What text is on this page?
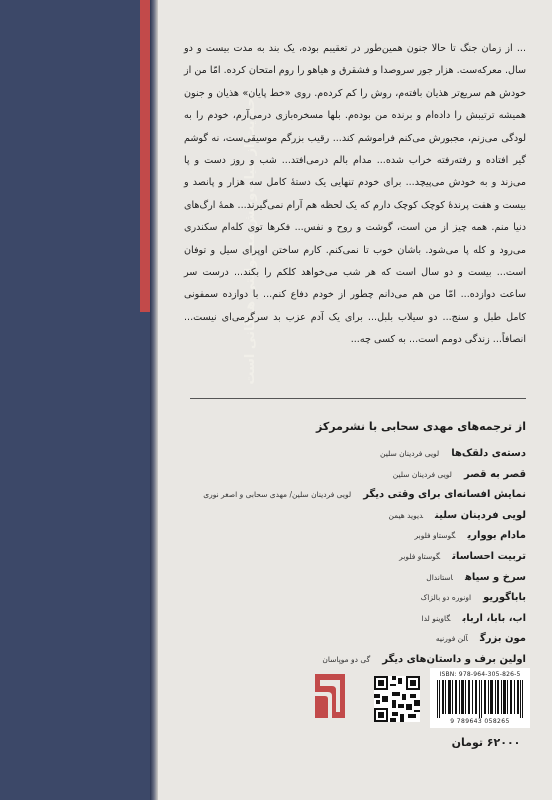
حمایت از حیات‌وحش مسئولیتی همگانی است
... از زمان جنگ تا حالا جنون همین‌طور در تعقیبم بوده، یک بند به مدت بیست و دو سال. معرکه‌ست. هزار جور سروصدا و فشقرق و هیاهو را روم امتحان کرده. امّا من از خودش هم سریع‌تر هذیان بافته‌م، روش را کم کرده‌م. روی «خط پایان» هذیان و جنون همیشه ترتیبش را داده‌ام و برنده من بوده‌م. بلها مسخره‌بازی درمی‌آرم، خودم را به لودگی می‌زنم، مجبورش می‌کنم فراموشم کند... رقیب بزرگم موسیقی‌ست، نه گوشم گیر افتاده و رفته‌رفته خراب شده... مدام بالم درمی‌افتد... شب و روز دست و پا می‌زند و به خودش می‌پیچد... برای خودم تنهایی یک دستهٔ کامل سه هزار و پانصد و بیست و هفت پرندهٔ کوچک کوچک دارم که یک لحظه هم آرام نمی‌گیرند... همهٔ ارگ‌های دنیا منم. همه چیز از من است، گوشت و روح و نفس... فکرها توی کله‌ام سکندری می‌رود و کله پا می‌شود. باشان خوب تا نمی‌کنم. کارم ساختن اوپرای سیل و توفان است... بیست و دو سال است که هر شب می‌خواهد کلکم را بکند... درست سر ساعت دوازده... امّا من هم می‌دانم چطور از خودم دفاع کنم... با دوازده سمفونی کامل طبل و سنج... دو سیلاب بلبل... برای یک آدم عزب بد سرگرمی‌ای نیست... انصافاً... زندگی دومم است... به کسی چه...
از ترجمه‌های مهدی سحابی با نشرمرکز
دسته‌ی دلقک‌هالویی فردینان سلین
قصر به قصرلویی فردینان سلین
نمایش افسانه‌ای برای وقتی دیگرلویی فردینان سلین/ مهدی سحابی و اصغر نوری
لویی فردینان سلیندیوید هیمن
مادام بوواریگوستاو فلوبر
تربیت احساساتگوستاو فلوبر
سرخ و سیاهاستاندال
باباگوریواونوره دو بالزاک
اب، بابا، اربابگاوینو لدا
مون بزرگآلن فورنیه
اولین برف و داستان‌های دیگرگی دو موپاسان
ISBN: 978-964-305-826-5
9 789643 058265
۶۲۰۰۰ تومان
